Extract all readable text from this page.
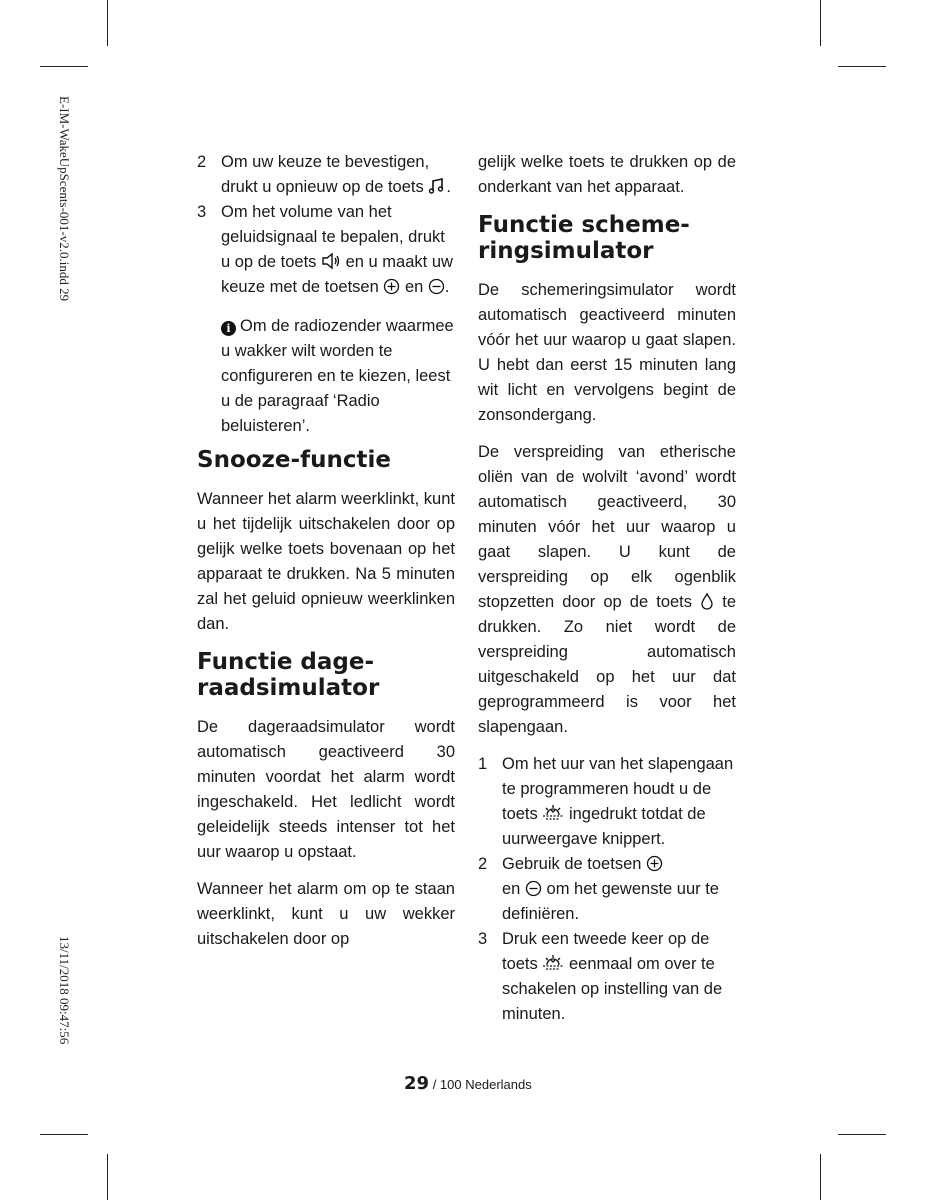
E-IM-WakeUpScents-001-v2.0.indd 29
13/11/2018 09:47:56
2 Om uw keuze te bevestigen, drukt u opnieuw op de toets .
3 Om het volume van het geluidsignaal te bepalen, drukt u op de toets en u maakt uw keuze met de toetsen en .

i Om de radiozender waarmee u wakker wilt worden te configureren en te kiezen, leest u de paragraaf ‘Radio beluisteren’.

Snooze-functie

Wanneer het alarm weerklinkt, kunt u het tijdelijk uitschakelen door op gelijk welke toets bovenaan op het apparaat te drukken. Na 5 minuten zal het geluid opnieuw weerklinken dan.

Functie dage-
raadsimulator

De dageraadsimulator wordt automatisch geactiveerd 30 minuten voordat het alarm wordt ingeschakeld. Het ledlicht wordt geleidelijk steeds intenser tot het uur waarop u opstaat.

Wanneer het alarm om op te staan weerklinkt, kunt u uw wekker uitschakelen door op

gelijk welke toets te drukken op de onderkant van het apparaat.

Functie scheme-
ringsimulator

De schemeringsimulator wordt automatisch geactiveerd minuten vóór het uur waarop u gaat slapen. U hebt dan eerst 15 minuten lang wit licht en vervolgens begint de zonsondergang.

De verspreiding van etherische oliën van de wolvilt ‘avond’ wordt automatisch geactiveerd, 30 minuten vóór het uur waarop u gaat slapen. U kunt de verspreiding op elk ogenblik stopzetten door op de toets te drukken. Zo niet wordt de verspreiding automatisch uitgeschakeld op het uur dat geprogrammeerd is voor het slapengaan.

1 Om het uur van het slapengaan te programmeren houdt u de toets ingedrukt totdat de uurweergave knippert.
2 Gebruik de toetsen
en om het gewenste uur te definiëren.
3 Druk een tweede keer op de toets eenmaal om over te schakelen op instelling van de minuten.
29 / 100 Nederlands
